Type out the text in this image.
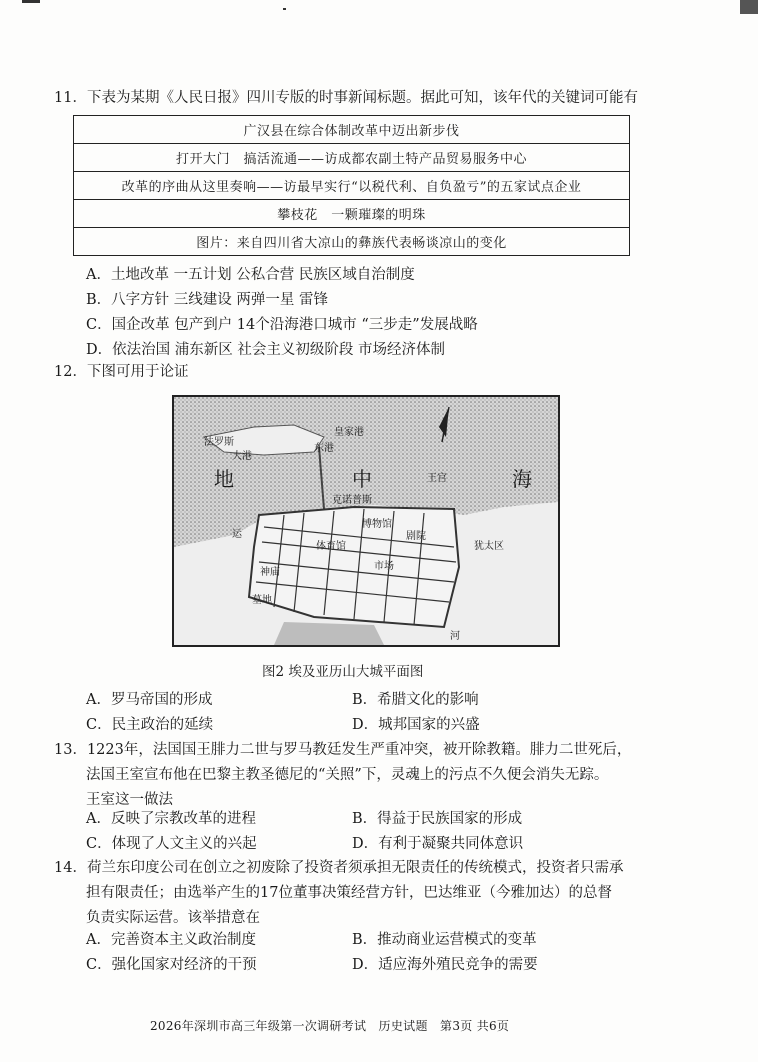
11．下表为某期《人民日报》四川专版的时事新闻标题。据此可知，该年代的关键词可能有
广汉县在综合体制改革中迈出新步伐
打开大门　搞活流通——访成都农副土特产品贸易服务中心
改革的序曲从这里奏响——访最早实行“以税代利、自负盈亏”的五家试点企业
攀枝花　一颗璀璨的明珠
图片：来自四川省大凉山的彝族代表畅谈凉山的变化
A．土地改革 一五计划 公私合营 民族区域自治制度
B．八字方针 三线建设 两弹一星 雷锋
C．国企改革 包产到户 14个沿海港口城市 “三步走”发展战略
D．依法治国 浦东新区 社会主义初级阶段 市场经济体制
12．下图可用于论证
法罗斯
皇家港
大港
东港
地	中	海
王宫
克诺普斯
博物馆
运
河
体育馆
剧院
神庙
市场
犹太区
墓地
图2 埃及亚历山大城平面图
A．罗马帝国的形成	B．希腊文化的影响
C．民主政治的延续	D．城邦国家的兴盛
13．1223年，法国国王腓力二世与罗马教廷发生严重冲突，被开除教籍。腓力二世死后，
法国王室宣布他在巴黎主教圣德尼的“关照”下，灵魂上的污点不久便会消失无踪。
王室这一做法
A．反映了宗教改革的进程	B．得益于民族国家的形成
C．体现了人文主义的兴起	D．有利于凝聚共同体意识
14．荷兰东印度公司在创立之初废除了投资者须承担无限责任的传统模式，投资者只需承
担有限责任；由选举产生的17位董事决策经营方针，巴达维亚（今雅加达）的总督
负责实际运营。该举措意在
A．完善资本主义政治制度	B．推动商业运营模式的变革
C．强化国家对经济的干预	D．适应海外殖民竞争的需要
2026年深圳市高三年级第一次调研考试　历史试题　第3页 共6页
